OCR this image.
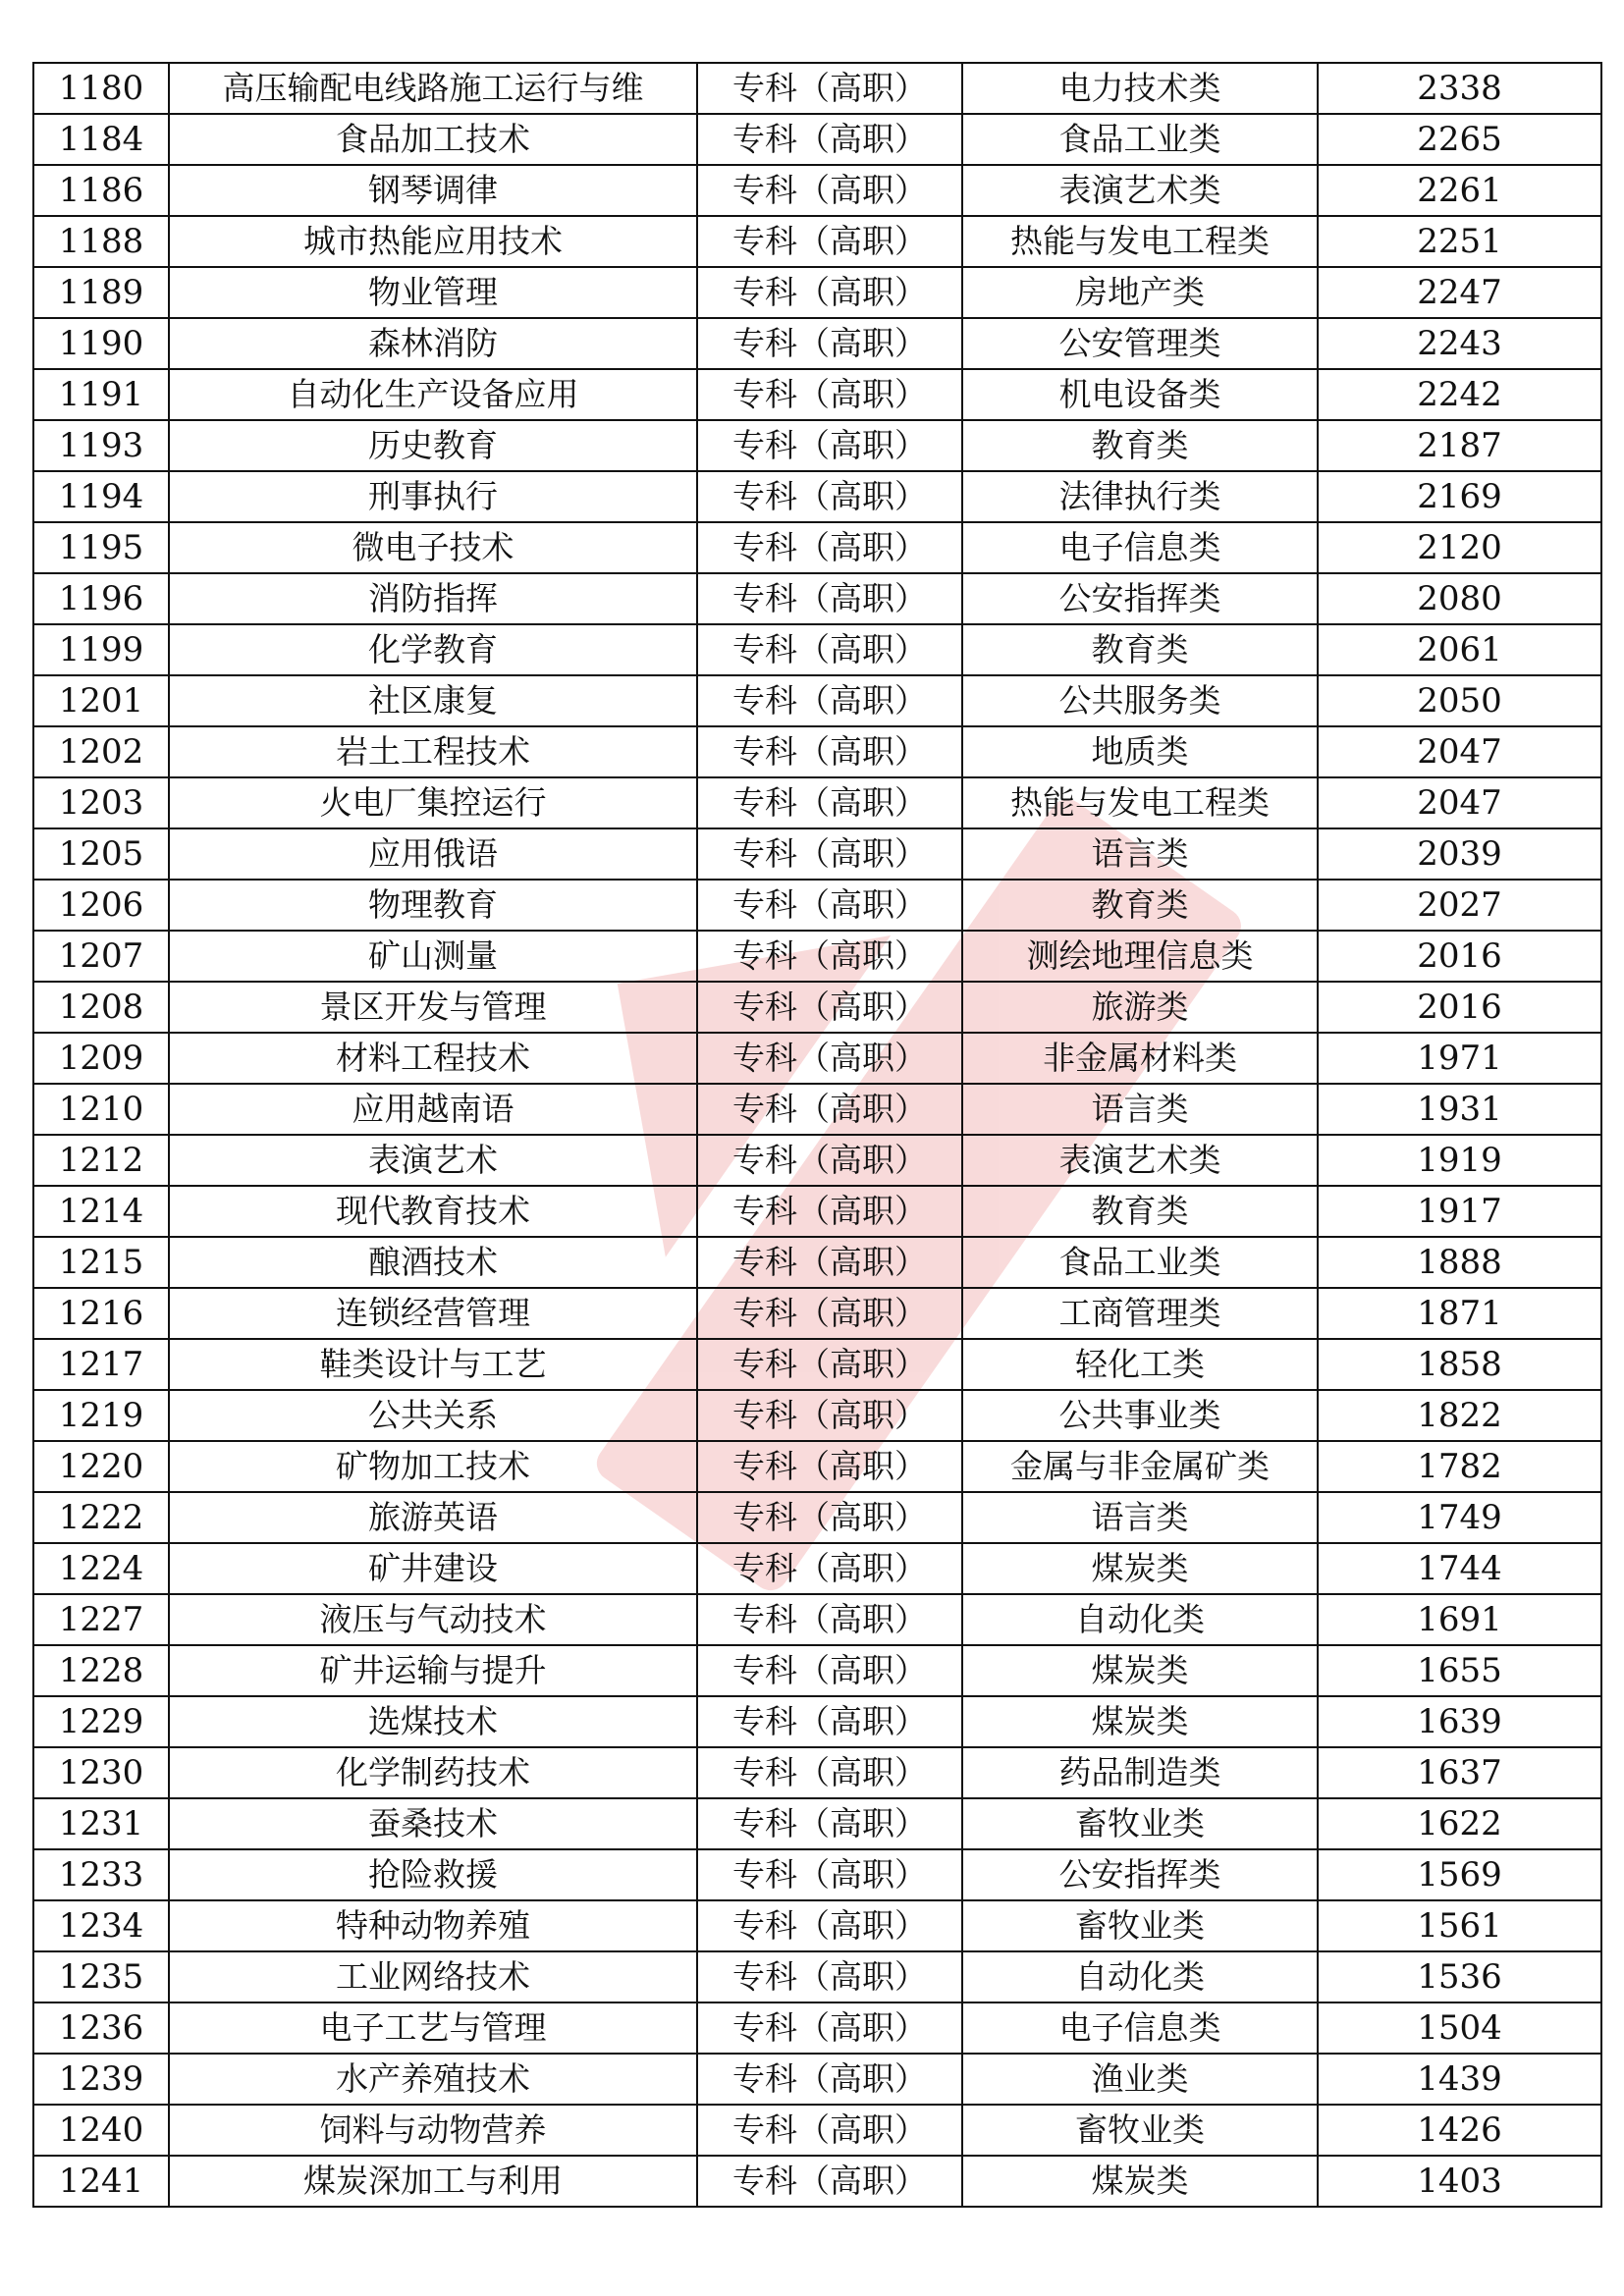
1180	高压输配电线路施工运行与维	专科（高职）	电力技术类	2338
1184	食品加工技术	专科（高职）	食品工业类	2265
1186	钢琴调律	专科（高职）	表演艺术类	2261
1188	城市热能应用技术	专科（高职）	热能与发电工程类	2251
1189	物业管理	专科（高职）	房地产类	2247
1190	森林消防	专科（高职）	公安管理类	2243
1191	自动化生产设备应用	专科（高职）	机电设备类	2242
1193	历史教育	专科（高职）	教育类	2187
1194	刑事执行	专科（高职）	法律执行类	2169
1195	微电子技术	专科（高职）	电子信息类	2120
1196	消防指挥	专科（高职）	公安指挥类	2080
1199	化学教育	专科（高职）	教育类	2061
1201	社区康复	专科（高职）	公共服务类	2050
1202	岩土工程技术	专科（高职）	地质类	2047
1203	火电厂集控运行	专科（高职）	热能与发电工程类	2047
1205	应用俄语	专科（高职）	语言类	2039
1206	物理教育	专科（高职）	教育类	2027
1207	矿山测量	专科（高职）	测绘地理信息类	2016
1208	景区开发与管理	专科（高职）	旅游类	2016
1209	材料工程技术	专科（高职）	非金属材料类	1971
1210	应用越南语	专科（高职）	语言类	1931
1212	表演艺术	专科（高职）	表演艺术类	1919
1214	现代教育技术	专科（高职）	教育类	1917
1215	酿酒技术	专科（高职）	食品工业类	1888
1216	连锁经营管理	专科（高职）	工商管理类	1871
1217	鞋类设计与工艺	专科（高职）	轻化工类	1858
1219	公共关系	专科（高职）	公共事业类	1822
1220	矿物加工技术	专科（高职）	金属与非金属矿类	1782
1222	旅游英语	专科（高职）	语言类	1749
1224	矿井建设	专科（高职）	煤炭类	1744
1227	液压与气动技术	专科（高职）	自动化类	1691
1228	矿井运输与提升	专科（高职）	煤炭类	1655
1229	选煤技术	专科（高职）	煤炭类	1639
1230	化学制药技术	专科（高职）	药品制造类	1637
1231	蚕桑技术	专科（高职）	畜牧业类	1622
1233	抢险救援	专科（高职）	公安指挥类	1569
1234	特种动物养殖	专科（高职）	畜牧业类	1561
1235	工业网络技术	专科（高职）	自动化类	1536
1236	电子工艺与管理	专科（高职）	电子信息类	1504
1239	水产养殖技术	专科（高职）	渔业类	1439
1240	饲料与动物营养	专科（高职）	畜牧业类	1426
1241	煤炭深加工与利用	专科（高职）	煤炭类	1403
